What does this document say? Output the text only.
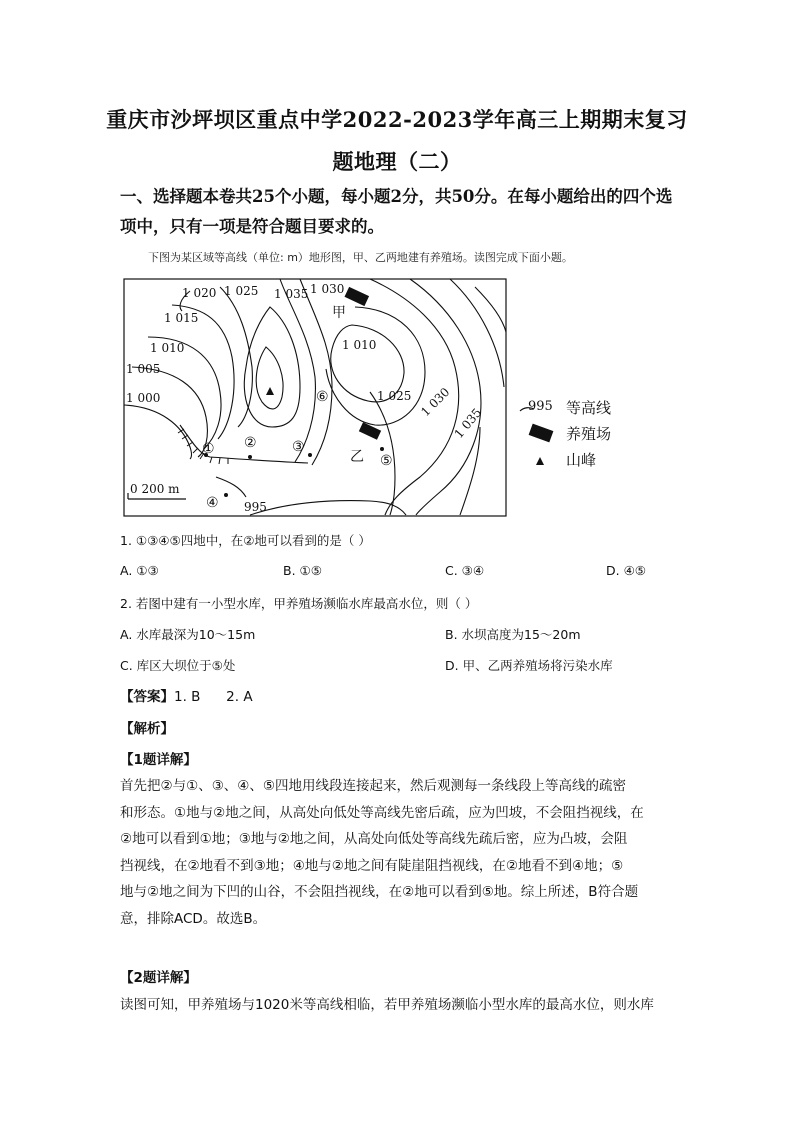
重庆市沙坪坝区重点中学2022-2023学年高三上期期末复习
题地理（二）
一、选择题本卷共25个小题，每小题2分，共50分。在每小题给出的四个选项中，只有一项是符合题目要求的。
下图为某区域等高线（单位: m）地形图，甲、乙两地建有养殖场。读图完成下面小题。
1 020 1 025 1 035 1 030
1 015
1 010
1 005
1 000
1 010
1 025 1 030
1 035
995
甲
乙
① ②	③
④
⑤
⑥
0 200 m
995 等高线
养殖场
山峰
1. ①③④⑤四地中，在②地可以看到的是（ ）
A. ①③	B. ①⑤	C. ③④	D. ④⑤
2. 若图中建有一小型水库，甲养殖场濒临水库最高水位，则（ ）
A. 水库最深为10～15m	B. 水坝高度为15～20m
C. 库区大坝位于⑤处	D. 甲、乙两养殖场将污染水库
【答案】1. B      2. A
【解析】
【1题详解】
首先把②与①、③、④、⑤四地用线段连接起来，然后观测每一条线段上等高线的疏密
和形态。①地与②地之间，从高处向低处等高线先密后疏，应为凹坡，不会阻挡视线，在
②地可以看到①地；③地与②地之间，从高处向低处等高线先疏后密，应为凸坡，会阻
挡视线，在②地看不到③地；④地与②地之间有陡崖阻挡视线，在②地看不到④地；⑤
地与②地之间为下凹的山谷，不会阻挡视线，在②地可以看到⑤地。综上所述，B符合题
意，排除ACD。故选B。
【2题详解】
读图可知，甲养殖场与1020米等高线相临，若甲养殖场濒临小型水库的最高水位，则水库
